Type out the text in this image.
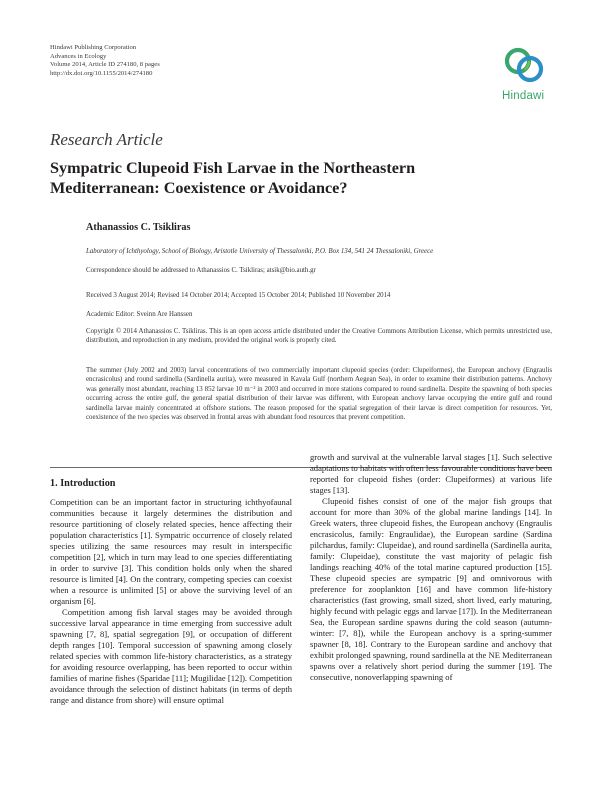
Hindawi Publishing Corporation
Advances in Ecology
Volume 2014, Article ID 274180, 8 pages
http://dx.doi.org/10.1155/2014/274180
Hindawi
Research Article
Sympatric Clupeoid Fish Larvae in the Northeastern Mediterranean: Coexistence or Avoidance?
Athanassios C. Tsikliras
Laboratory of Ichthyology, School of Biology, Aristotle University of Thessaloniki, P.O. Box 134, 541 24 Thessaloniki, Greece
Correspondence should be addressed to Athanassios C. Tsikliras; atsik@bio.auth.gr
Received 3 August 2014; Revised 14 October 2014; Accepted 15 October 2014; Published 10 November 2014
Academic Editor: Sveinn Are Hanssen
Copyright © 2014 Athanassios C. Tsikliras. This is an open access article distributed under the Creative Commons Attribution License, which permits unrestricted use, distribution, and reproduction in any medium, provided the original work is properly cited.
The summer (July 2002 and 2003) larval concentrations of two commercially important clupeoid species (order: Clupeiformes), the European anchovy (Engraulis encrasicolus) and round sardinella (Sardinella aurita), were measured in Kavala Gulf (northern Aegean Sea), in order to examine their distribution patterns. Anchovy was generally most abundant, reaching 13 852 larvae 10 m⁻² in 2003 and occurred in more stations compared to round sardinella. Despite the spawning of both species occurring across the entire gulf, the general spatial distribution of their larvae was different, with European anchovy larvae occupying the entire gulf and round sardinella larvae mainly concentrated at offshore stations. The reason proposed for the spatial segregation of their larvae is direct competition for resources. Yet, coexistence of the two species was observed in frontal areas with abundant food resources that prevent competition.
1. Introduction

Competition can be an important factor in structuring ichthyofaunal communities because it largely determines the distribution and resource partitioning of closely related species, hence affecting their population characteristics [1]. Sympatric occurrence of closely related species utilizing the same resources may result in interspecific competition [2], which in turn may lead to one species differentiating in order to survive [3]. This condition holds only when the shared resource is limited [4]. On the contrary, competing species can coexist when a resource is unlimited [5] or above the surviving level of an organism [6].

Competition among fish larval stages may be avoided through successive larval appearance in time emerging from successive adult spawning [7, 8], spatial segregation [9], or occupation of different depth ranges [10]. Temporal succession of spawning among closely related species with common life-history characteristics, as a strategy for avoiding resource overlapping, has been reported to occur within families of marine fishes (Sparidae [11]; Mugilidae [12]). Competition avoidance through the selection of distinct habitats (in terms of depth range and distance from shore) will ensure optimal

growth and survival at the vulnerable larval stages [1]. Such selective adaptations to habitats with often less favourable conditions have been reported for clupeoid fishes (order: Clupeiformes) at various life stages [13].

Clupeoid fishes consist of one of the major fish groups that account for more than 30% of the global marine landings [14]. In Greek waters, three clupeoid fishes, the European anchovy (Engraulis encrasicolus, family: Engraulidae), the European sardine (Sardina pilchardus, family: Clupeidae), and round sardinella (Sardinella aurita, family: Clupeidae), constitute the vast majority of pelagic fish landings reaching 40% of the total marine captured production [15]. These clupeoid species are sympatric [9] and omnivorous with preference for zooplankton [16] and have common life-history characteristics (fast growing, small sized, short lived, early maturing, highly fecund with pelagic eggs and larvae [17]). In the Mediterranean Sea, the European sardine spawns during the cold season (autumn-winter: [7, 8]), while the European anchovy is a spring-summer spawner [8, 18]. Contrary to the European sardine and anchovy that exhibit prolonged spawning, round sardinella at the NE Mediterranean spawns over a relatively short period during the summer [19]. The consecutive, nonoverlapping spawning of
